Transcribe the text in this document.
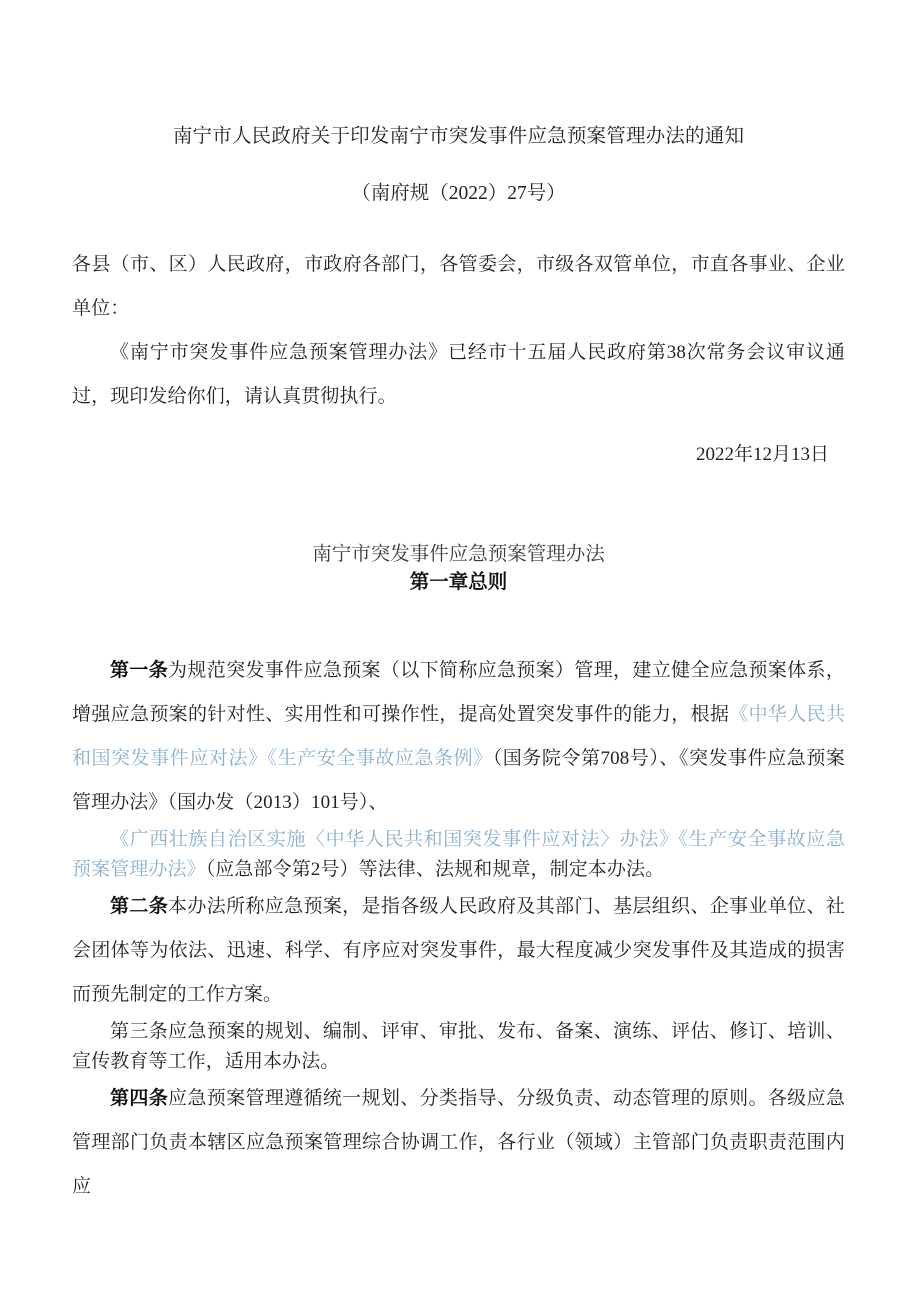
南宁市人民政府关于印发南宁市突发事件应急预案管理办法的通知

（南府规（2022）27号）

各县（市、区）人民政府，市政府各部门，各管委会，市级各双管单位，市直各事业、企业单位：

《南宁市突发事件应急预案管理办法》已经市十五届人民政府第38次常务会议审议通过，现印发给你们，请认真贯彻执行。

2022年12月13日

南宁市突发事件应急预案管理办法
第一章总则

第一条为规范突发事件应急预案（以下简称应急预案）管理，建立健全应急预案体系，增强应急预案的针对性、实用性和可操作性，提高处置突发事件的能力，根据《中华人民共和国突发事件应对法》《生产安全事故应急条例》（国务院令第708号）、《突发事件应急预案管理办法》（国办发（2013）101号）、

《广西壮族自治区实施〈中华人民共和国突发事件应对法〉办法》《生产安全事故应急预案管理办法》（应急部令第2号）等法律、法规和规章，制定本办法。

第二条本办法所称应急预案，是指各级人民政府及其部门、基层组织、企事业单位、社会团体等为依法、迅速、科学、有序应对突发事件，最大程度减少突发事件及其造成的损害而预先制定的工作方案。

第三条应急预案的规划、编制、评审、审批、发布、备案、演练、评估、修订、培训、宣传教育等工作，适用本办法。

第四条应急预案管理遵循统一规划、分类指导、分级负责、动态管理的原则。各级应急管理部门负责本辖区应急预案管理综合协调工作，各行业（领域）主管部门负责职责范围内应
